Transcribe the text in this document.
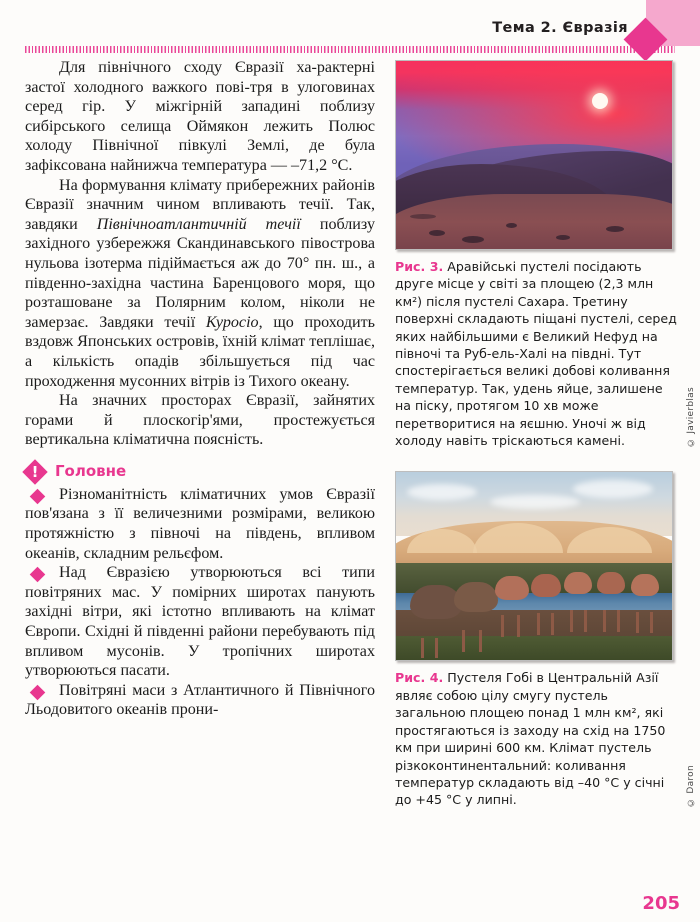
Тема 2. Євразія

Для північного сходу Євразії ха-рактерні застої холодного важкого пові-тря в улоговинах серед гір. У міжгірній западині поблизу сибірського селища Оймякон лежить Полюс холоду Північної півкулі Землі, де була зафіксована найнижча температура — –71,2 °С.

На формування клімату прибережних районів Євразії значним чином впливають течії. Так, завдяки Північноатлантичній течії поблизу західного узбережжя Скандинавського півострова нульова ізотерма підіймається аж до 70° пн. ш., а південно-західна частина Баренцового моря, що розташоване за Полярним колом, ніколи не замерзає. Завдяки течії Куросіо, що проходить вздовж Японських островів, їхній клімат теплішає, а кількість опадів збільшується під час проходження мусонних вітрів із Тихого океану.

На значних просторах Євразії, зайнятих горами й плоскогір'ями, простежується вертикальна кліматична поясність.

!	Головне

Різноманітність кліматичних умов Євразії пов'язана з її величезними розмірами, великою протяжністю з півночі на південь, впливом океанів, складним рельєфом.

Над Євразією утворюються всі типи повітряних мас. У помірних широтах панують західні вітри, які істотно впливають на клімат Європи. Східні й південні райони перебувають під впливом мусонів. У тропічних широтах утворюються пасати.

Повітряні маси з Атлантичного й Північного Льодовитого океанів прони-

© Javierblas
Рис. 3. Аравійські пустелі посідають друге місце у світі за площею (2,3 млн км²) після пустелі Сахара. Третину поверхні складають піщані пустелі, серед яких найбільшими є Великий Нефуд на півночі та Руб-ель-Халі на півдні. Тут спостерігається великі добові коливання температур. Так, удень яйце, залишене на піску, протягом 10 хв може перетворитися на яєшню. Уночі ж від холоду навіть тріскаються камені.
© Daron
Рис. 4. Пустеля Гобі в Центральній Азії являє собою цілу смугу пустель загальною площею понад 1 млн км², які простягаються із заходу на схід на 1750 км при ширині 600 км. Клімат пустель різкоконтинентальний: коливання температур складають від –40 °С у січні до +45 °С у липні.
205
